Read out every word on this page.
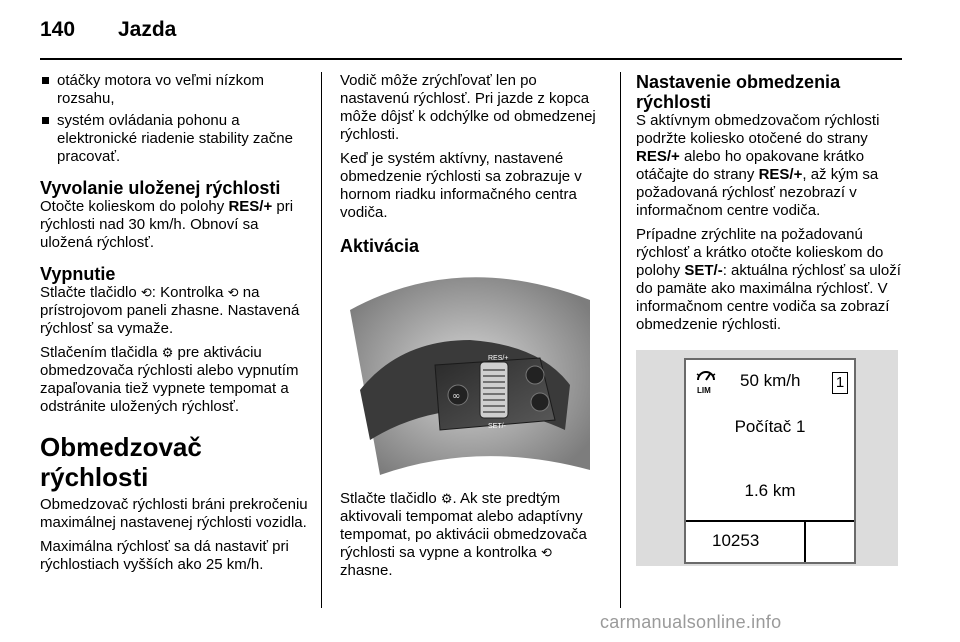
140 Jazda
otáčky motora vo veľmi nízkom rozsahu,
systém ovládania pohonu a elektronické riadenie stability začne pracovať.
Vyvolanie uloženej rýchlosti

Otočte kolieskom do polohy RES/+ pri rýchlosti nad 30 km/h. Obnoví sa uložená rýchlosť.

Vypnutie

Stlačte tlačidlo ⟲: Kontrolka ⟲ na prístrojovom paneli zhasne. Nastavená rýchlosť sa vymaže.

Stlačením tlačidla ⚙ pre aktiváciu obmedzovača rýchlosti alebo vypnutím zapaľovania tiež vypnete tempomat a odstránite uložených rýchlosť.

Obmedzovač rýchlosti

Obmedzovač rýchlosti bráni prekročeniu maximálnej nastavenej rýchlosti vozidla.

Maximálna rýchlosť sa dá nastaviť pri rýchlostiach vyšších ako 25 km/h.

Vodič môže zrýchľovať len po nastavenú rýchlosť. Pri jazde z kopca môže dôjsť k odchýlke od obmedzenej rýchlosti.

Keď je systém aktívny, nastavené obmedzenie rýchlosti sa zobrazuje v hornom riadku informačného centra vodiča.

Aktivácia
RES/+
SET/-
∞

Stlačte tlačidlo ⚙. Ak ste predtým aktivovali tempomat alebo adaptívny tempomat, po aktivácii obmedzovača rýchlosti sa vypne a kontrolka ⟲ zhasne.

Nastavenie obmedzenia rýchlosti

S aktívnym obmedzovačom rýchlosti podržte koliesko otočené do strany RES/+ alebo ho opakovane krátko otáčajte do strany RES/+, až kým sa požadovaná rýchlosť nezobrazí v informačnom centre vodiča.

Prípadne zrýchlite na požadovanú rýchlosť a krátko otočte kolieskom do polohy SET/-: aktuálna rýchlosť sa uloží do pamäte ako maximálna rýchlosť. V informačnom centre vodiča sa zobrazí obmedzenie rýchlosti.

LIM
50 km/h 1
Počítač 1
1.6 km
10253
carmanualsonline.info
